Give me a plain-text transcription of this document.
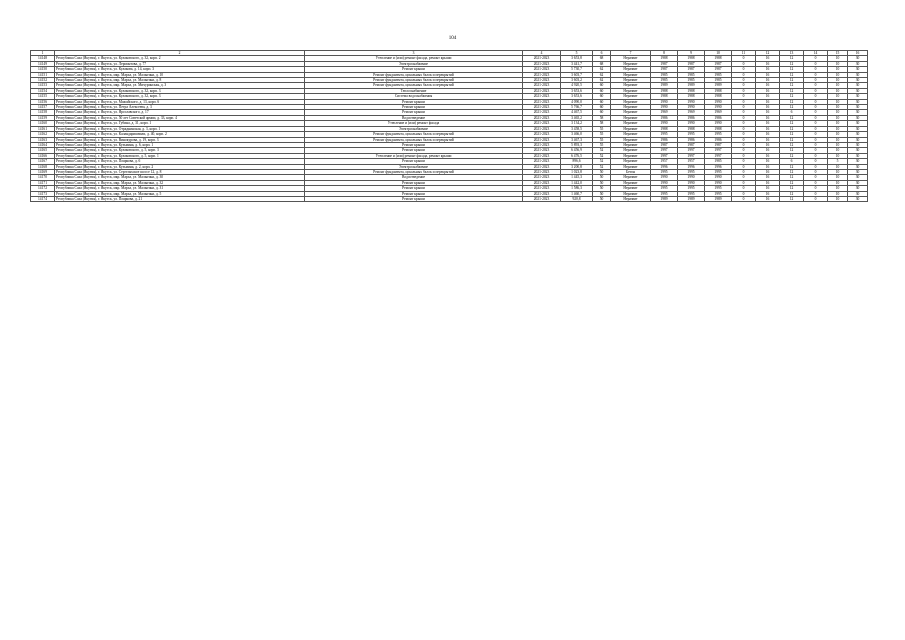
104
1	2	3	4	5	6	7	8	9	10	11	12	13	14	15	16
14148	Республика Саха (Якутия), г. Якутск, ул. Кулаковского, д. 32, корп. 2	Утепление и (или) ремонт фасада, ремонт крыши	2021-2023	3 653,8	68	Неразвит	1988	1988	1988	0	16	12	0	10	30
14149	Республика Саха (Якутия), г. Якутск, ул. Лермонтова, д. 77	Электроснабжение	2021-2023	3 441,7	68	Неразвит	1987	1987	1987	0	16	12	0	10	30
14150	Республика Саха (Якутия), г. Якутск, ул. Кулакова, д. 14, корп. 3	Ремонт крыши	2021-2023	5 730,7	62	Неразвит	1987	1987	1987	0	16	12	0	10	30
14151	Республика Саха (Якутия), г. Якутск, мкр. Марха, ул. Малыгина, д. 10	Ремонт фундамента, цокольных балок и перекрытий	2021-2023	3 603,7	62	Неразвит	1985	1985	1985	0	16	12	0	10	30
14152	Республика Саха (Якутия), г. Якутск, мкр. Марха, ул. Малыгина, д. 8	Ремонт фундамента, цокольных балок и перекрытий	2021-2023	3 603,2	62	Неразвит	1985	1985	1985	0	16	12	0	10	30
14153	Республика Саха (Якутия), г. Якутск, мкр. Марха, ул. Мичуринская, д. 3	Ремонт фундамента, цокольных балок и перекрытий	2021-2023	4 920,5	60	Неразвит	1989	1989	1989	0	16	12	0	10	30
14154	Республика Саха (Якутия), г. Якутск, ул. Кулаковского, д. 32, корп. 3	Теплоснабжение	2021-2023	3 653,6	60	Неразвит	1988	1988	1988	0	16	12	0	10	30
14155	Республика Саха (Якутия), г. Якутск, ул. Кулаковского, д. 32, корп. 3	Система водоснабжения	2021-2023	3 653,6	60	Неразвит	1988	1988	1988	0	16	12	0	10	30
14156	Республика Саха (Якутия), г. Якутск, ул. Можайского, д. 13, корп. 6	Ремонт крыши	2021-2023	4 090,0	60	Неразвит	1990	1990	1990	0	16	12	0	10	30
14157	Республика Саха (Якутия), г. Якутск, ул. Петра Алексеева, д. 3	Ремонт крыши	2021-2023	5 766,7	60	Неразвит	1990	1990	1990	0	16	12	0	10	30
14158	Республика Саха (Якутия), г. Якутск, ул. Ярославского, д. 17	Ремонт крыши	2021-2023	4 467,5	60	Неразвит	1969	1969	1969	0	16	6	0	10	30
14159	Республика Саха (Якутия), г. Якутск, ул. 50 лет Советской армии, д. 33, корп. 4	Водоотведение	2021-2023	3 465,2	58	Неразвит	1986	1986	1986	0	16	12	0	10	30
14160	Республика Саха (Якутия), г. Якутск, ул. Губина, д. 31, корп. 1	Утепление и (или) ремонт фасада	2021-2023	3 134,2	58	Неразвит	1990	1990	1990	0	16	12	0	10	30
14161	Республика Саха (Якутия), г. Якутск, ул. Отраднинская, д. 3, корп. 1	Электроснабжение	2021-2023	3 458,5	55	Неразвит	1988	1988	1988	0	16	12	0	10	30
14162	Республика Саха (Якутия), г. Якутск, ул. Каландаришвили, д. 40, корп. 2	Ремонт фундамента, цокольных балок и перекрытий	2021-2023	3 466,0	55	Неразвит	1995	1995	1995	0	16	12	0	10	30
14163	Республика Саха (Якутия), г. Якутск, ул. Винокурова, д. 19, корп. 3	Ремонт фундамента, цокольных балок и перекрытий	2021-2023	3 467,3	55	Неразвит	1986	1986	1986	0	16	12	0	10	30
14164	Республика Саха (Якутия), г. Якутск, ул. Кузьмина, д. 6, корп. 1	Ремонт крыши	2021-2023	5 893,3	55	Неразвит	1987	1987	1987	0	16	12	0	10	30
14165	Республика Саха (Якутия), г. Якутск, ул. Кулаковского, д. 5, корп. 3	Ремонт крыши	2021-2023	6 456,9	52	Неразвит	1997	1997	1997	0	16	12	0	10	30
14166	Республика Саха (Якутия), г. Якутск, ул. Кулаковского, д. 5, корп. 1	Утепление и (или) ремонт фасада, ремонт крыши	2021-2023	6 476,5	52	Неразвит	1997	1997	1997	0	16	12	0	10	30
14167	Республика Саха (Якутия), г. Якутск, ул. Пояркова, д. 6	Ремонт крыши	2021-2023	896,6	52	Неразвит	1957	1957	1985	0	16	6	0	5	30
14168	Республика Саха (Якутия), г. Якутск, ул. Кузьмина, д. 2, корп. 2	Электроснабжение	2021-2023	3 200,8	52	Неразвит	1996	1996	1996	0	16	12	0	10	30
14169	Республика Саха (Якутия), г. Якутск, ул. Сергеляхское шоссе 12, д. 8	Ремонт фундамента, цокольных балок и перекрытий	2021-2023	1 023,8	50	Бетон	1995	1995	1995	0	16	12	0	10	30
14170	Республика Саха (Якутия), г. Якутск, мкр. Марха, ул. Малыгина, д. 30	Водоотведение	2021-2023	1 445,3	50	Неразвит	1990	1990	1990	0	16	12	0	10	30
14171	Республика Саха (Якутия), г. Якутск, мкр. Марха, ул. Малыгина, д. 32	Ремонт крыши	2021-2023	1 442,0	50	Неразвит	1990	1990	1990	0	16	12	0	10	30
14172	Республика Саха (Якутия), г. Якутск, мкр. Марха, ул. Малыгина, д. 31	Ремонт крыши	2021-2023	1 586,3	50	Неразвит	1995	1995	1995	0	16	12	0	10	30
14173	Республика Саха (Якутия), г. Якутск, мкр. Марха, ул. Малыгина, д. 5	Ремонт крыши	2021-2023	1 460,7	50	Неразвит	1995	1995	1995	0	16	12	0	10	30
14174	Республика Саха (Якутия), г. Якутск, ул. Пояркова, д. 21	Ремонт крыши	2021-2023	920,8	50	Неразвит	1989	1989	1989	0	16	12	0	10	30
